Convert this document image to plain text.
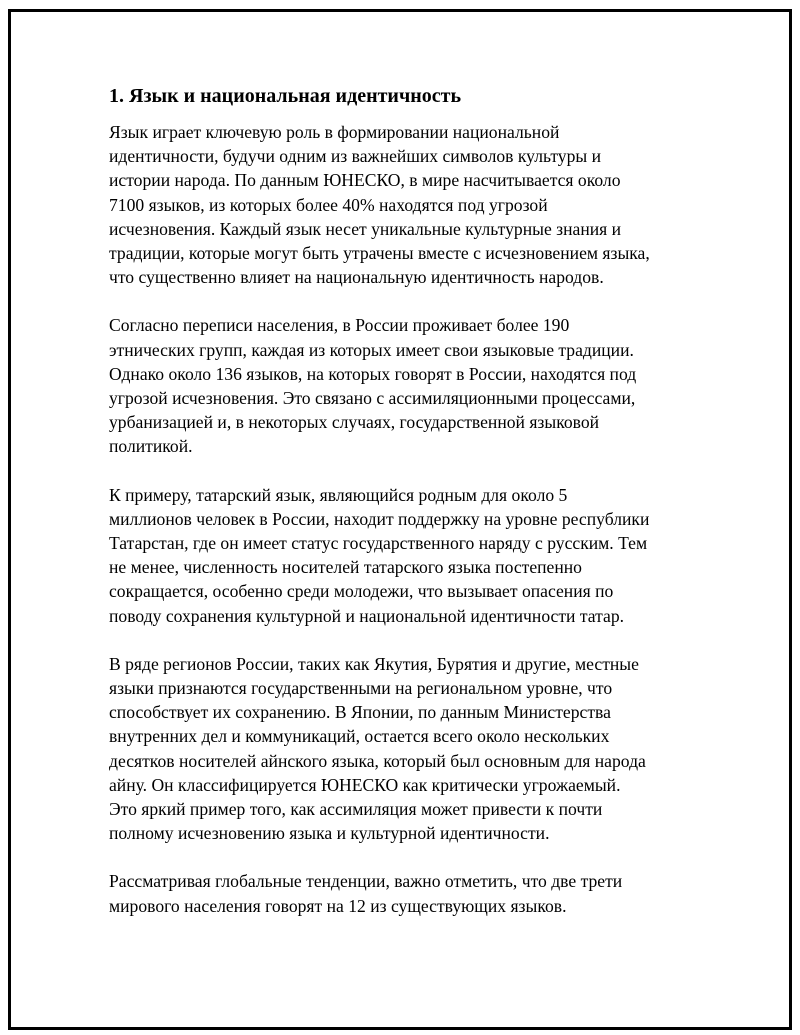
1. Язык и национальная идентичность

Язык играет ключевую роль в формировании национальной
идентичности, будучи одним из важнейших символов культуры и
истории народа. По данным ЮНЕСКО, в мире насчитывается около
7100 языков, из которых более 40% находятся под угрозой
исчезновения. Каждый язык несет уникальные культурные знания и
традиции, которые могут быть утрачены вместе с исчезновением языка,
что существенно влияет на национальную идентичность народов.

Согласно переписи населения, в России проживает более 190
этнических групп, каждая из которых имеет свои языковые традиции.
Однако около 136 языков, на которых говорят в России, находятся под
угрозой исчезновения. Это связано с ассимиляционными процессами,
урбанизацией и, в некоторых случаях, государственной языковой
политикой.

К примеру, татарский язык, являющийся родным для около 5
миллионов человек в России, находит поддержку на уровне республики
Татарстан, где он имеет статус государственного наряду с русским. Тем
не менее, численность носителей татарского языка постепенно
сокращается, особенно среди молодежи, что вызывает опасения по
поводу сохранения культурной и национальной идентичности татар.

В ряде регионов России, таких как Якутия, Бурятия и другие, местные
языки признаются государственными на региональном уровне, что
способствует их сохранению. В Японии, по данным Министерства
внутренних дел и коммуникаций, остается всего около нескольких
десятков носителей айнского языка, который был основным для народа
айну. Он классифицируется ЮНЕСКО как критически угрожаемый.
Это яркий пример того, как ассимиляция может привести к почти
полному исчезновению языка и культурной идентичности.

Рассматривая глобальные тенденции, важно отметить, что две трети
мирового населения говорят на 12 из существующих языков.
